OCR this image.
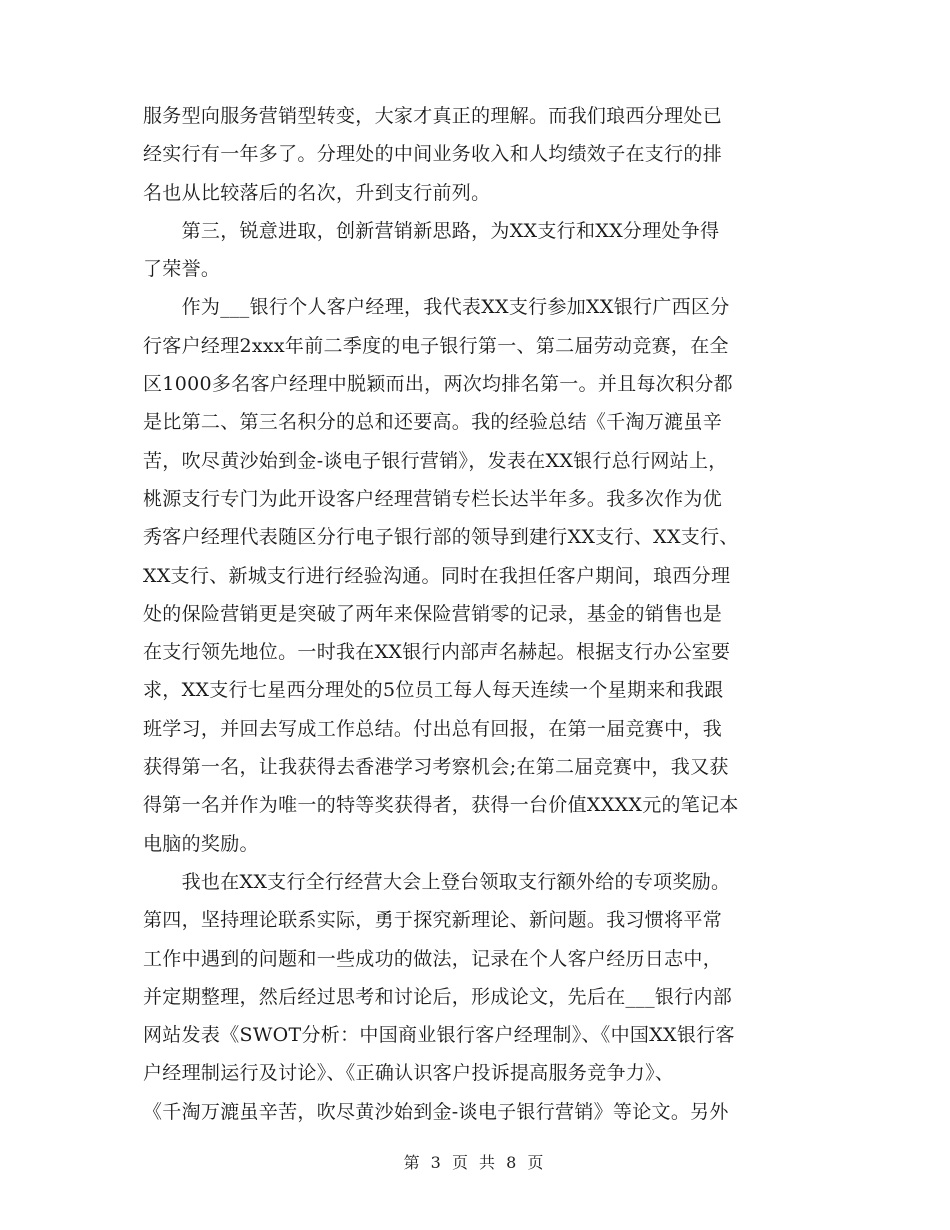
服务型向服务营销型转变，大家才真正的理解。而我们琅西分理处已
经实行有一年多了。分理处的中间业务收入和人均绩效子在支行的排
名也从比较落后的名次，升到支行前列。
　　第三，锐意进取，创新营销新思路，为XX支行和XX分理处争得
了荣誉。
　　作为___银行个人客户经理，我代表XX支行参加XX银行广西区分
行客户经理2xxx年前二季度的电子银行第一、第二届劳动竞赛，在全
区1000多名客户经理中脱颖而出，两次均排名第一。并且每次积分都
是比第二、第三名积分的总和还要高。我的经验总结《千淘万漉虽辛
苦，吹尽黄沙始到金-谈电子银行营销》，发表在XX银行总行网站上，
桃源支行专门为此开设客户经理营销专栏长达半年多。我多次作为优
秀客户经理代表随区分行电子银行部的领导到建行XX支行、XX支行、
XX支行、新城支行进行经验沟通。同时在我担任客户期间，琅西分理
处的保险营销更是突破了两年来保险营销零的记录，基金的销售也是
在支行领先地位。一时我在XX银行内部声名赫起。根据支行办公室要
求，XX支行七星西分理处的5位员工每人每天连续一个星期来和我跟
班学习，并回去写成工作总结。付出总有回报，在第一届竞赛中，我
获得第一名，让我获得去香港学习考察机会;在第二届竞赛中，我又获
得第一名并作为唯一的特等奖获得者，获得一台价值XXXX元的笔记本
电脑的奖励。
　　我也在XX支行全行经营大会上登台领取支行额外给的专项奖励。
第四，坚持理论联系实际，勇于探究新理论、新问题。我习惯将平常
工作中遇到的问题和一些成功的做法，记录在个人客户经历日志中，
并定期整理，然后经过思考和讨论后，形成论文，先后在___银行内部
网站发表《SWOT分析：中国商业银行客户经理制》、《中国XX银行客
户经理制运行及讨论》、《正确认识客户投诉提高服务竞争力》、
《千淘万漉虽辛苦，吹尽黄沙始到金-谈电子银行营销》等论文。另外
第 3 页 共 8 页
